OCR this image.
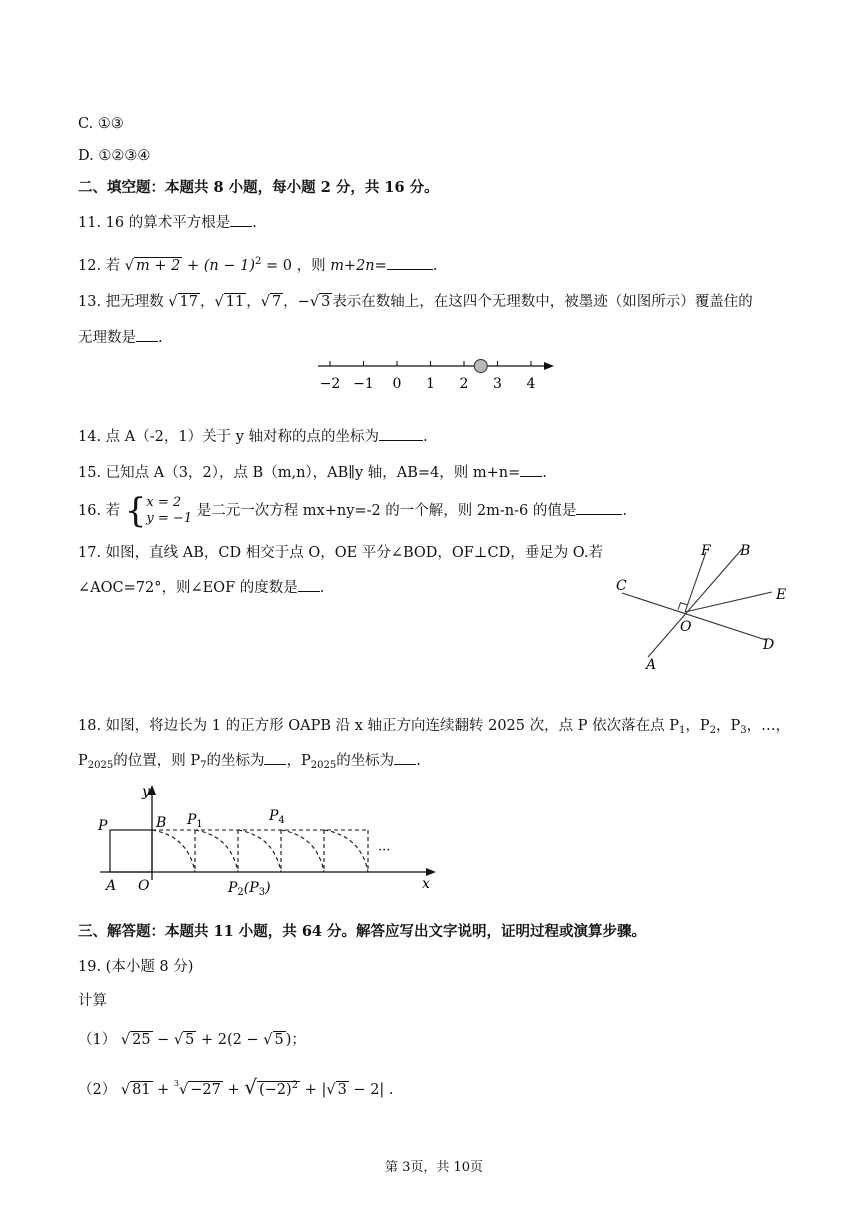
C. ①③
D. ①②③④
二、填空题：本题共 8 小题，每小题 2 分，共 16 分。
11. 16 的算术平方根是 .
12. 若 √ $m + 2 + (n - 1)^2 = 0$ ，则 m+2n=	.
13. 把无理数 √ 17 ，√ 11 ，√ 7 ，−√ 3 表示在数轴上，在这四个无理数中，被墨迹（如图所示）覆盖住的
无理数是 .
−2 −1 0 1 2 3 4
14. 点 A（-2，1）关于 y 轴对称的点的坐标为	.
15. 已知点 A（3，2），点 B（m,n），AB∥y 轴，AB=4，则 m+n= .
16. 若 {x = 2
y = −1 是二元一次方程 mx+ny=-2 的一个解，则 2m-n-6 的值是	.
17. 如图，直线 AB，CD 相交于点 O，OE 平分∠BOD，OF⊥CD，垂足为 O.若
∠AOC=72°，则∠EOF 的度数是 .
F B
C
E
O
D
A
18. 如图，将边长为 1 的正方形 OAPB 沿 x 轴正方向连续翻转 2025 次，点 P 依次落在点 $P_1$，$P_2$，$P_3$，…，
$P_{2025}$的位置，则 $P_7$的坐标为 ，$P_{2025}$的坐标为 .
y
x
P	B
A O
$P_1$
$P_4$
$P_2(P_3)$
···
三、解答题：本题共 11 小题，共 64 分。解答应写出文字说明，证明过程或演算步骤。
19. (本小题 8 分)
计算
（1） √ 25 − √ 5 + 2(2 − √ 5 )；
（2） √ 81 + $^3$√ −27 + √ $(-2)^2$ + |√ 3 − 2| .
第 3页，共 10页
